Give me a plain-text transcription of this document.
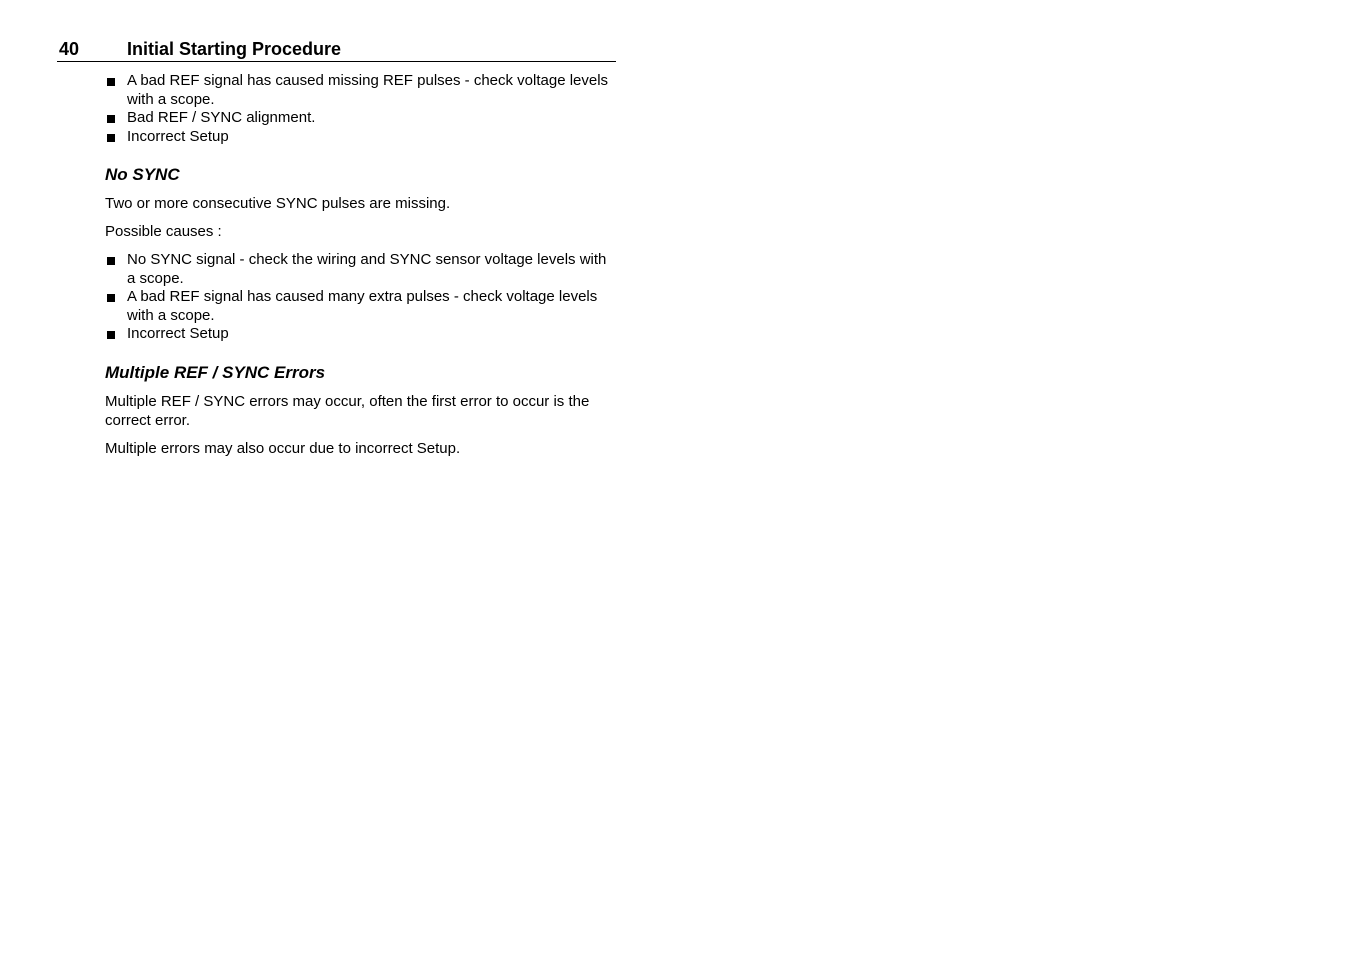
40	Initial Starting Procedure
A bad REF signal has caused missing REF pulses - check voltage levels with a scope.
Bad REF / SYNC alignment.
Incorrect Setup
No SYNC

Two or more consecutive SYNC pulses are missing.

Possible causes :

No SYNC signal - check the wiring and SYNC sensor voltage levels with a scope.
A bad REF signal has caused many extra pulses - check voltage levels with a scope.
Incorrect Setup
Multiple REF / SYNC Errors

Multiple REF / SYNC errors may occur, often the first error to occur is the correct error.

Multiple errors may also occur due to incorrect Setup.
